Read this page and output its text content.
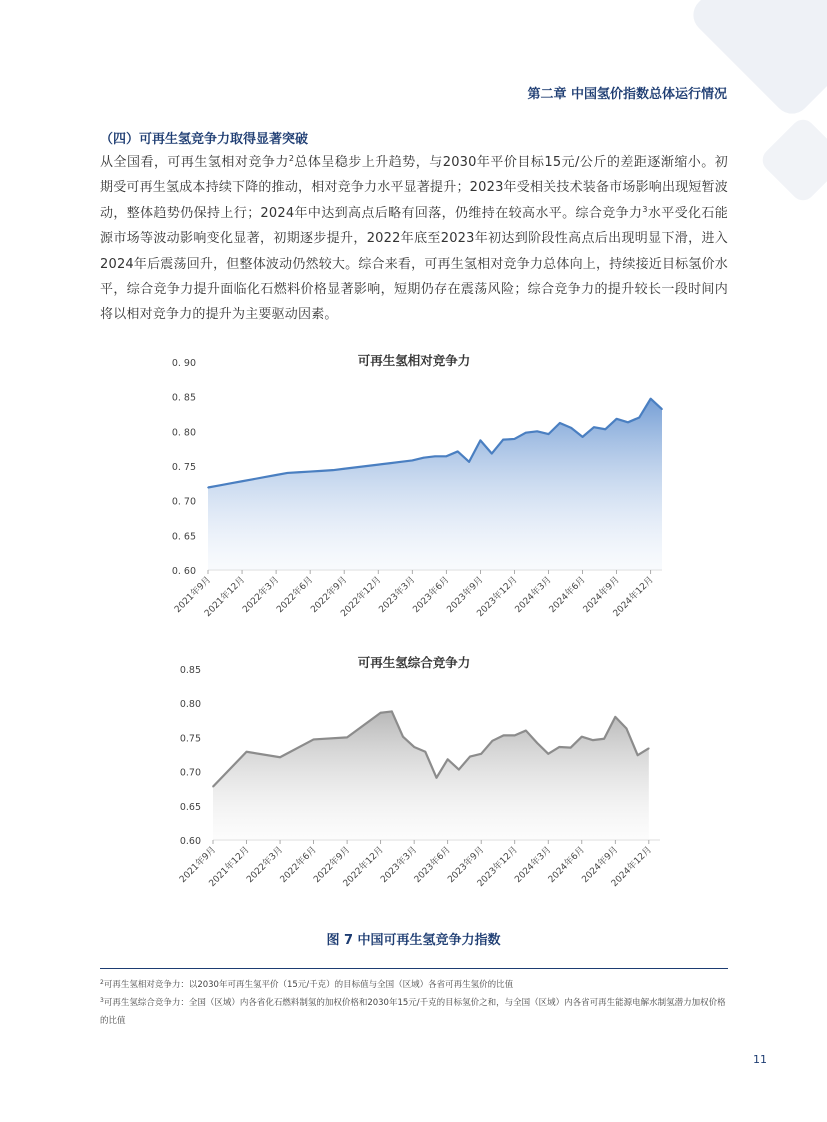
第二章 中国氢价指数总体运行情况
（四）可再生氢竞争力取得显著突破
从全国看，可再生氢相对竞争力$^2$总体呈稳步上升趋势，与2030年平价目标15元/公斤的差距逐渐缩小。初期受可再生氢成本持续下降的推动，相对竞争力水平显著提升；2023年受相关技术装备市场影响出现短暂波动，整体趋势仍保持上行；2024年中达到高点后略有回落，仍维持在较高水平。综合竞争力$^3$水平受化石能源市场等波动影响变化显著，初期逐步提升，2022年底至2023年初达到阶段性高点后出现明显下滑，进入2024年后震荡回升，但整体波动仍然较大。综合来看，可再生氢相对竞争力总体向上，持续接近目标氢价水平，综合竞争力提升面临化石燃料价格显著影响，短期仍存在震荡风险；综合竞争力的提升较长一段时间内将以相对竞争力的提升为主要驱动因素。
可再生氢相对竞争力
0. 90
0. 85
0. 80
0. 75
0. 70
0. 65
0. 60
2021年9月
2021年12月
2022年3月
2022年6月
2022年9月
2022年12月
2023年3月
2023年6月
2023年9月
2023年12月
2024年3月
2024年6月
2024年9月
2024年12月
可再生氢综合竞争力
0.85
0.80
0.75
0.70
0.65
0.60
2021年9月
2021年12月
2022年3月
2022年6月
2022年9月
2022年12月
2023年3月
2023年6月
2023年9月
2023年12月
2024年3月
2024年6月
2024年9月
2024年12月
图 7 中国可再生氢竞争力指数
$^2$可再生氢相对竞争力：以2030年可再生氢平价（15元/千克）的目标值与全国（区域）各省可再生氢价的比值
$^3$可再生氢综合竞争力：全国（区域）内各省化石燃料制氢的加权价格和2030年15元/千克的目标氢价之和，与全国（区域）内各省可再生能源电解水制氢潜力加权价格的比值
11
